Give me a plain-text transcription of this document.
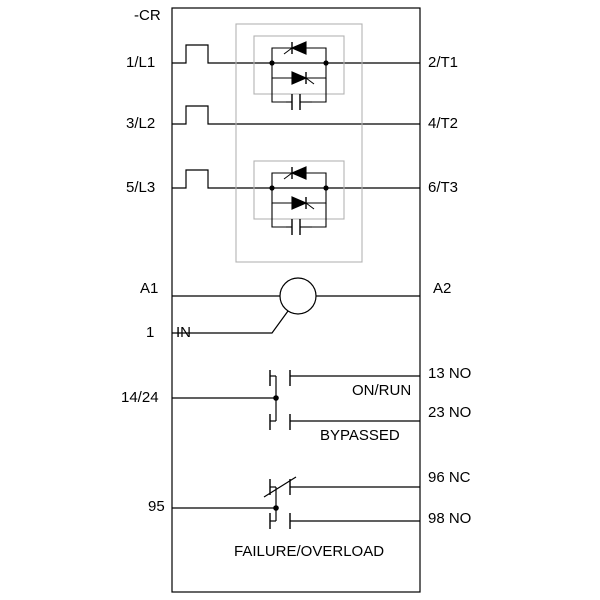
-CR
1/L1
3/L2
5/L3
A1
1 IN
14/24
95
2/T1
4/T2
6/T3
A2
13 NO
23 NO
96 NC
98 NO
ON/RUN
BYPASSED
FAILURE/OVERLOAD
